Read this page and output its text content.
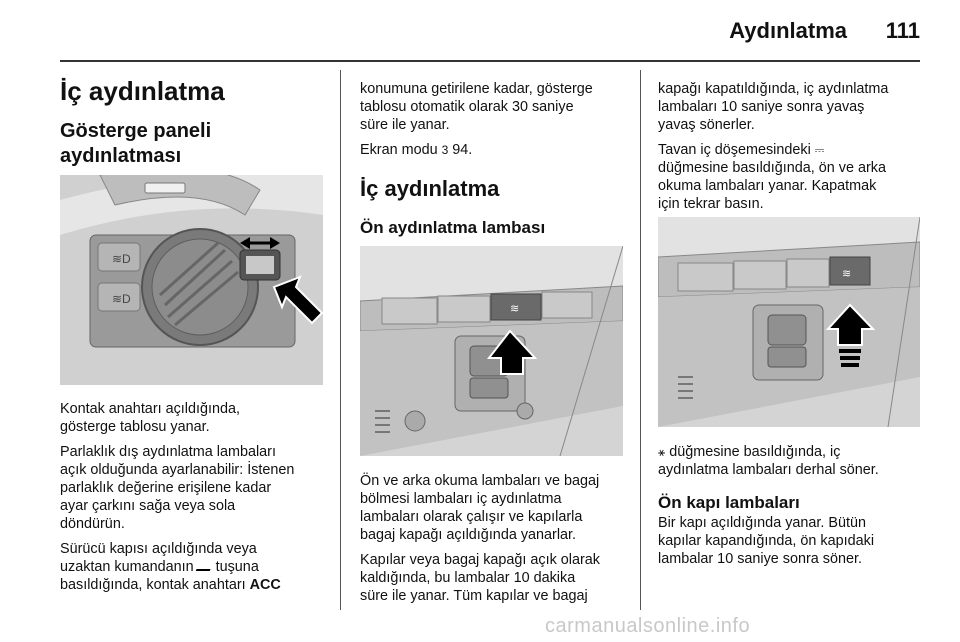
Aydınlatma 111
İç aydınlatma
Gösterge paneli
aydınlatması
≋D
≋D

Kontak anahtarı açıldığında,

gösterge tablosu yanar.

Parlaklık dış aydınlatma lambaları

açık olduğunda ayarlanabilir: İstenen

parlaklık değerine erişilene kadar

ayar çarkını sağa veya sola

döndürün.

Sürücü kapısı açıldığında veya

uzaktan kumandanın tuşuna

basıldığında, kontak anahtarı ACC

konumuna getirilene kadar, gösterge

tablosu otomatik olarak 30 saniye

süre ile yanar.

Ekran modu 3 94.

İç aydınlatma
Ön aydınlatma lambası
≋

Ön ve arka okuma lambaları ve bagaj

bölmesi lambaları iç aydınlatma

lambaları olarak çalışır ve kapılarla

bagaj kapağı açıldığında yanarlar.

Kapılar veya bagaj kapağı açık olarak

kaldığında, bu lambalar 10 dakika

süre ile yanar. Tüm kapılar ve bagaj

kapağı kapatıldığında, iç aydınlatma

lambaları 10 saniye sonra yavaş

yavaş sönerler.

Tavan iç döşemesindeki ⎓

düğmesine basıldığında, ön ve arka

okuma lambaları yanar. Kapatmak

için tekrar basın.

≋

⚹ düğmesine basıldığında, iç

aydınlatma lambaları derhal söner.

Ön kapı lambaları

Bir kapı açıldığında yanar. Bütün

kapılar kapandığında, ön kapıdaki

lambalar 10 saniye sonra söner.

carmanualsonline.info
